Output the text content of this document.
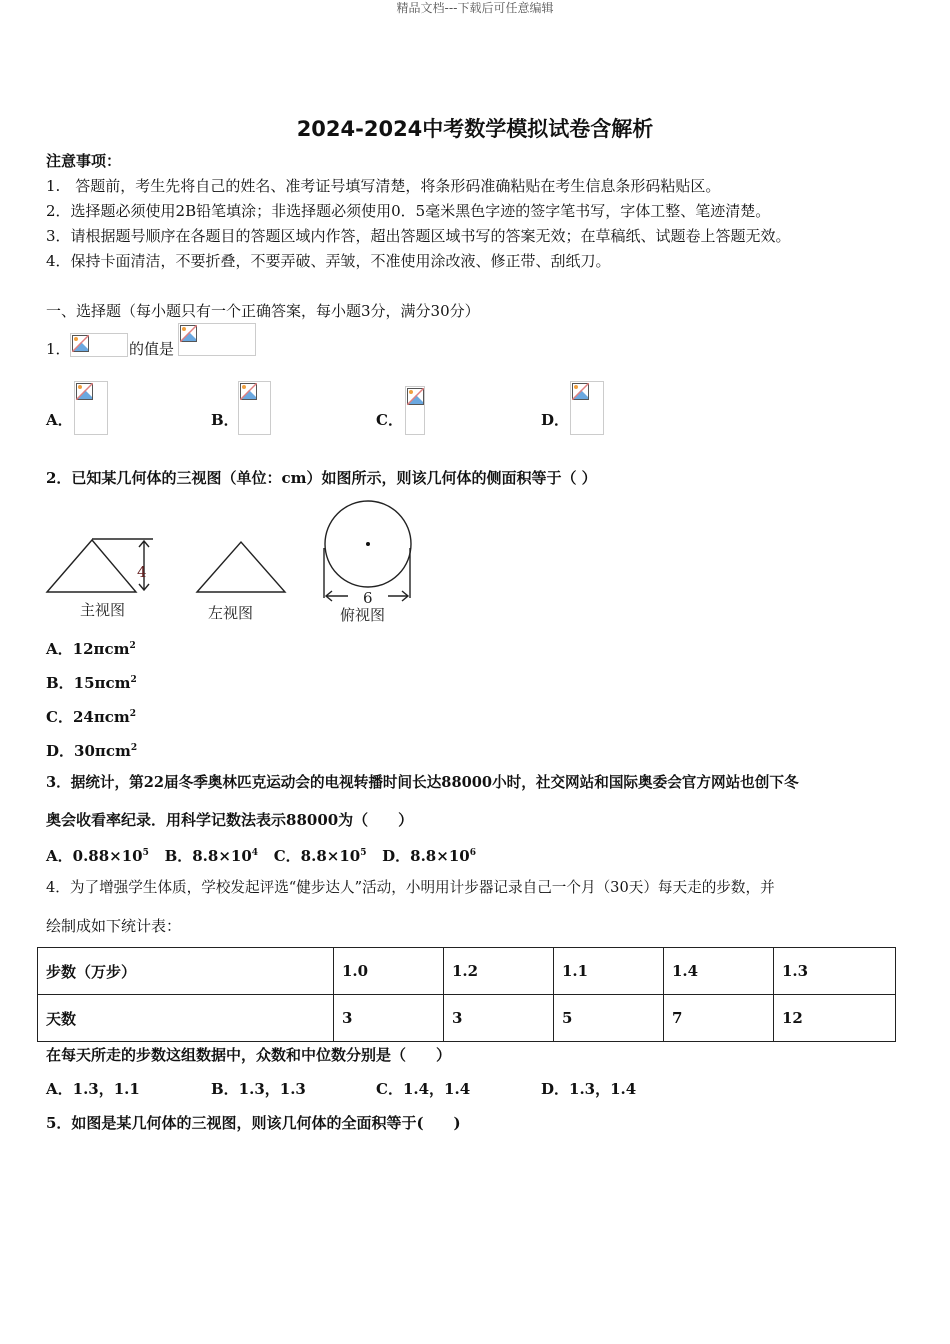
精品文档---下载后可任意编辑
2024-2024中考数学模拟试卷含解析
注意事项：
1.　答题前，考生先将自己的姓名、准考证号填写清楚，将条形码准确粘贴在考生信息条形码粘贴区。
2．选择题必须使用2B铅笔填涂；非选择题必须使用0．5毫米黑色字迹的签字笔书写，字体工整、笔迹清楚。
3．请根据题号顺序在各题目的答题区域内作答，超出答题区域书写的答案无效；在草稿纸、试题卷上答题无效。
4．保持卡面清洁，不要折叠，不要弄破、弄皱，不准使用涂改液、修正带、刮纸刀。
一、选择题（每小题只有一个正确答案，每小题3分，满分30分）
1．	的值是
A．	B．	C．	D．
2．已知某几何体的三视图（单位：cm）如图所示，则该几何体的侧面积等于（ ）
4
6
主视图	左视图	俯视图
A．12πcm$^2$
B．15πcm$^2$
C．24πcm$^2$
D．30πcm$^2$
3．据统计，第22届冬季奥林匹克运动会的电视转播时间长达88000小时，社交网站和国际奥委会官方网站也创下冬
奥会收看率纪录．用科学记数法表示88000为（　　）
A．$0.88\times 10^5$ B．$8.8\times 10^4$ C．$8.8\times 10^5$ D．$8.8\times 10^6$
4．为了增强学生体质，学校发起评选“健步达人”活动，小明用计步器记录自己一个月（30天）每天走的步数，并
绘制成如下统计表：
步数（万步）	1.0	1.2	1.1	1.4	1.3
天数	3	3	5	7	12
在每天所走的步数这组数据中，众数和中位数分别是（　　）
A．1.3，1.1	B．1.3，1.3	C．1.4，1.4	D．1.3，1.4
5．如图是某几何体的三视图，则该几何体的全面积等于(　　)
